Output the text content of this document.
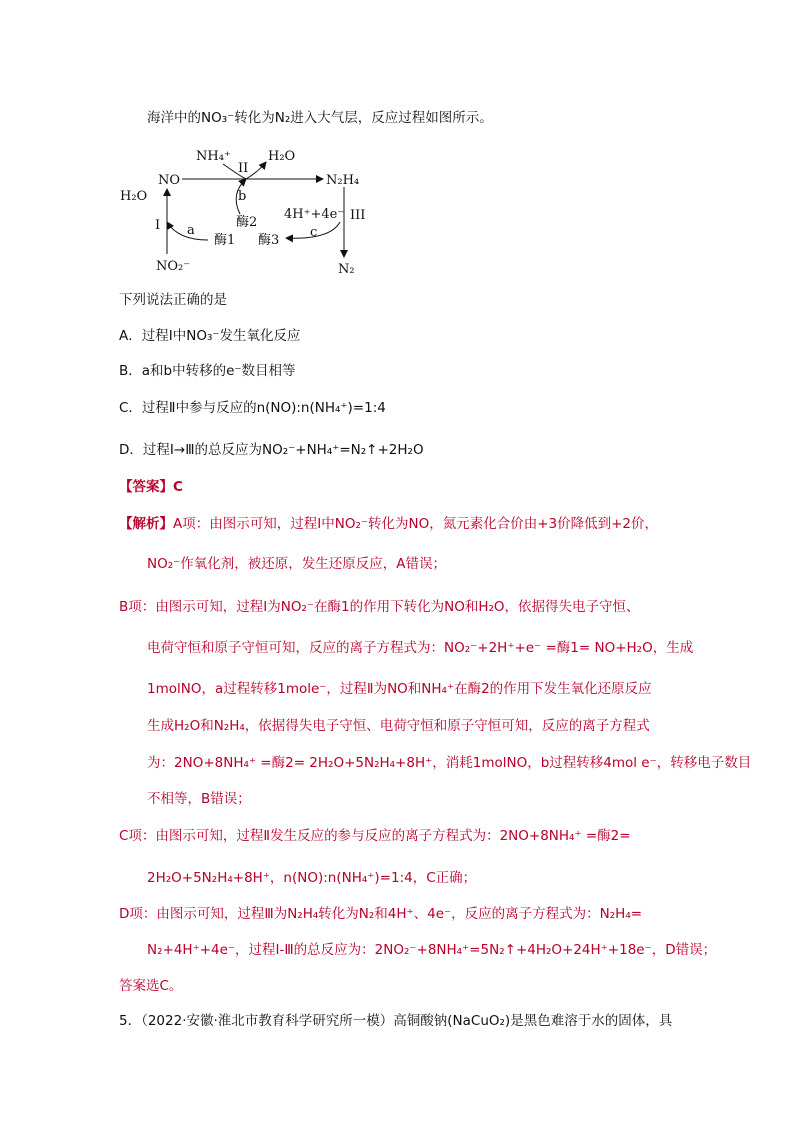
海洋中的NO₃⁻转化为N₂进入大气层，反应过程如图所示。
NH₄⁺	H₂O
NO	N₂H₄
H₂O
I
II
III
a
b
c
酶1
酶2
酶3
4H⁺+4e⁻
NO₂⁻	N₂
下列说法正确的是
A．过程Ⅰ中NO₃⁻发生氧化反应
B．a和b中转移的e⁻数目相等
C．过程Ⅱ中参与反应的n(NO):n(NH₄⁺)=1:4
D．过程Ⅰ→Ⅲ的总反应为NO₂⁻+NH₄⁺=N₂↑+2H₂O
【答案】C
【解析】A项：由图示可知，过程Ⅰ中NO₂⁻转化为NO，氮元素化合价由+3价降低到+2价，
NO₂⁻作氧化剂，被还原，发生还原反应，A错误；
B项：由图示可知，过程Ⅰ为NO₂⁻在酶1的作用下转化为NO和H₂O，依据得失电子守恒、
电荷守恒和原子守恒可知，反应的离子方程式为：NO₂⁻+2H⁺+e⁻ =酶1= NO+H₂O，生成
1molNO，a过程转移1mole⁻，过程Ⅱ为NO和NH₄⁺在酶2的作用下发生氧化还原反应
生成H₂O和N₂H₄，依据得失电子守恒、电荷守恒和原子守恒可知，反应的离子方程式
为：2NO+8NH₄⁺ =酶2= 2H₂O+5N₂H₄+8H⁺，消耗1molNO，b过程转移4mol e⁻，转移电子数目
不相等，B错误；
C项：由图示可知，过程Ⅱ发生反应的参与反应的离子方程式为：2NO+8NH₄⁺ =酶2=
2H₂O+5N₂H₄+8H⁺，n(NO):n(NH₄⁺)=1:4，C正确；
D项：由图示可知，过程Ⅲ为N₂H₄转化为N₂和4H⁺、4e⁻，反应的离子方程式为：N₂H₄=
N₂+4H⁺+4e⁻，过程Ⅰ-Ⅲ的总反应为：2NO₂⁻+8NH₄⁺=5N₂↑+4H₂O+24H⁺+18e⁻，D错误；
答案选C。
5．（2022·安徽·淮北市教育科学研究所一模）高铜酸钠(NaCuO₂)是黑色难溶于水的固体，具
